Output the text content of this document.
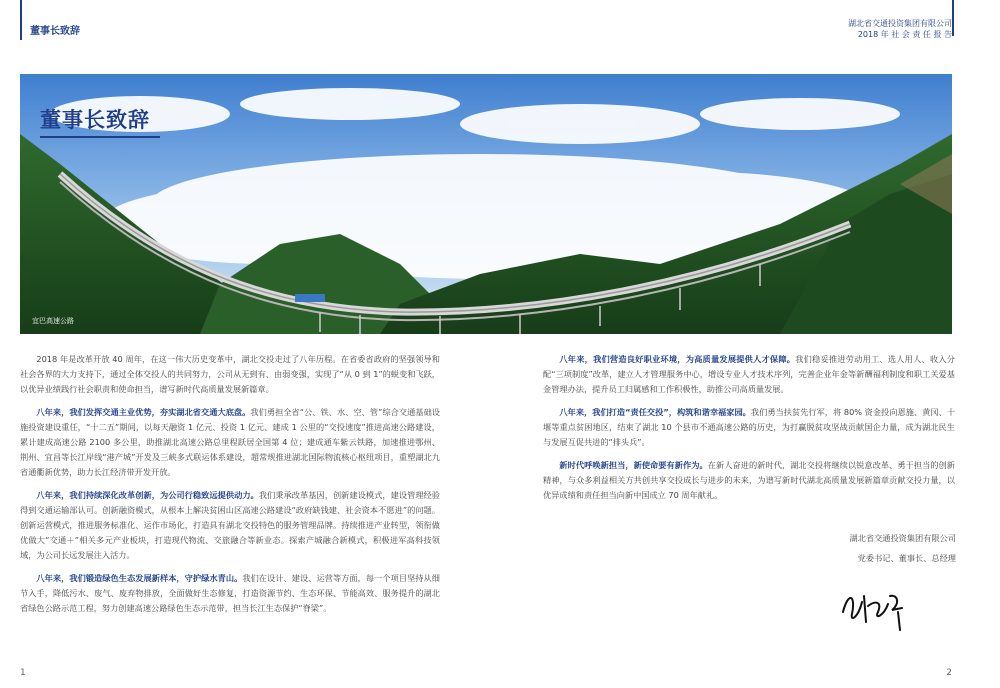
董事长致辞
湖北省交通投资集团有限公司
2018 年 社 会 责 任 报 告
董事长致辞
宜巴高速公路

2018 年是改革开放 40 周年，在这一伟大历史变革中，湖北交投走过了八年历程。在省委省政府的坚强领导和社会各界的大力支持下，通过全体交投人的共同努力，公司从无到有、由弱变强，实现了“从 0 到 1”的蜕变和飞跃，以优异业绩践行社会职责和使命担当，谱写新时代高质量发展新篇章。

八年来，我们发挥交通主业优势，夯实湖北省交通大底盘。我们勇担全省“公、铁、水、空、管”综合交通基础设施投资建设重任，“十二五”期间，以每天融资 1 亿元、投资 1 亿元、建成 1 公里的“交投速度”推进高速公路建设，累计建成高速公路 2100 多公里，助推湖北高速公路总里程跃居全国第 4 位；建成通车紫云铁路，加速推进鄂州、荆州、宜昌等长江岸线“港产城”开发及三峡多式联运体系建设，超常规推进湖北国际物流核心枢纽项目，重塑湖北九省通衢新优势，助力长江经济带开发开放。

八年来，我们持续深化改革创新，为公司行稳致远提供动力。我们秉承改革基因，创新建设模式，建设管理经验得到交通运输部认可。创新融资模式，从根本上解决贫困山区高速公路建设“政府缺钱建、社会资本不愿进”的问题。创新运营模式，推进服务标准化、运作市场化，打造具有湖北交投特色的服务管理品牌。持续推进产业转型，领衔做优做大“交通＋”相关多元产业板块，打造现代物流、交旅融合等新业态。探索产城融合新模式，积极进军高科技领域，为公司长远发展注入活力。

八年来，我们锻造绿色生态发展新样本，守护绿水青山。我们在设计、建设、运营等方面，每一个项目坚持从细节入手，降低污水、废气、废弃物排放，全面做好生态修复，打造资源节约、生态环保、节能高效、服务提升的湖北省绿色公路示范工程，努力创建高速公路绿色生态示范带，担当长江生态保护“脊梁”。

八年来，我们营造良好职业环境，为高质量发展提供人才保障。我们稳妥推进劳动用工、选人用人、收入分配“三项制度”改革，建立人才管理服务中心，增设专业人才技术序列，完善企业年金等新酬福利制度和职工关爱基金管理办法，提升员工归属感和工作积极性，助推公司高质量发展。

八年来，我们打造“责任交投”，构筑和谐幸福家园。我们勇当扶贫先行军，将 80% 资金投向恩施、黄冈、十堰等重点贫困地区，结束了湖北 10 个县市不通高速公路的历史，为打赢脱贫攻坚战贡献国企力量，成为湖北民生与发展互促共进的“排头兵”。

新时代呼唤新担当，新使命要有新作为。在新人奋进的新时代，湖北交投将继续以锐意改革、勇于担当的创新精神，与众多利益相关方共创共享交投成长与进步的未来，为谱写新时代湖北高质量发展新篇章贡献交投力量，以优异成绩和责任担当向新中国成立 70 周年献礼。

湖北省交通投资集团有限公司
党委书记、董事长、总经理
1	2
